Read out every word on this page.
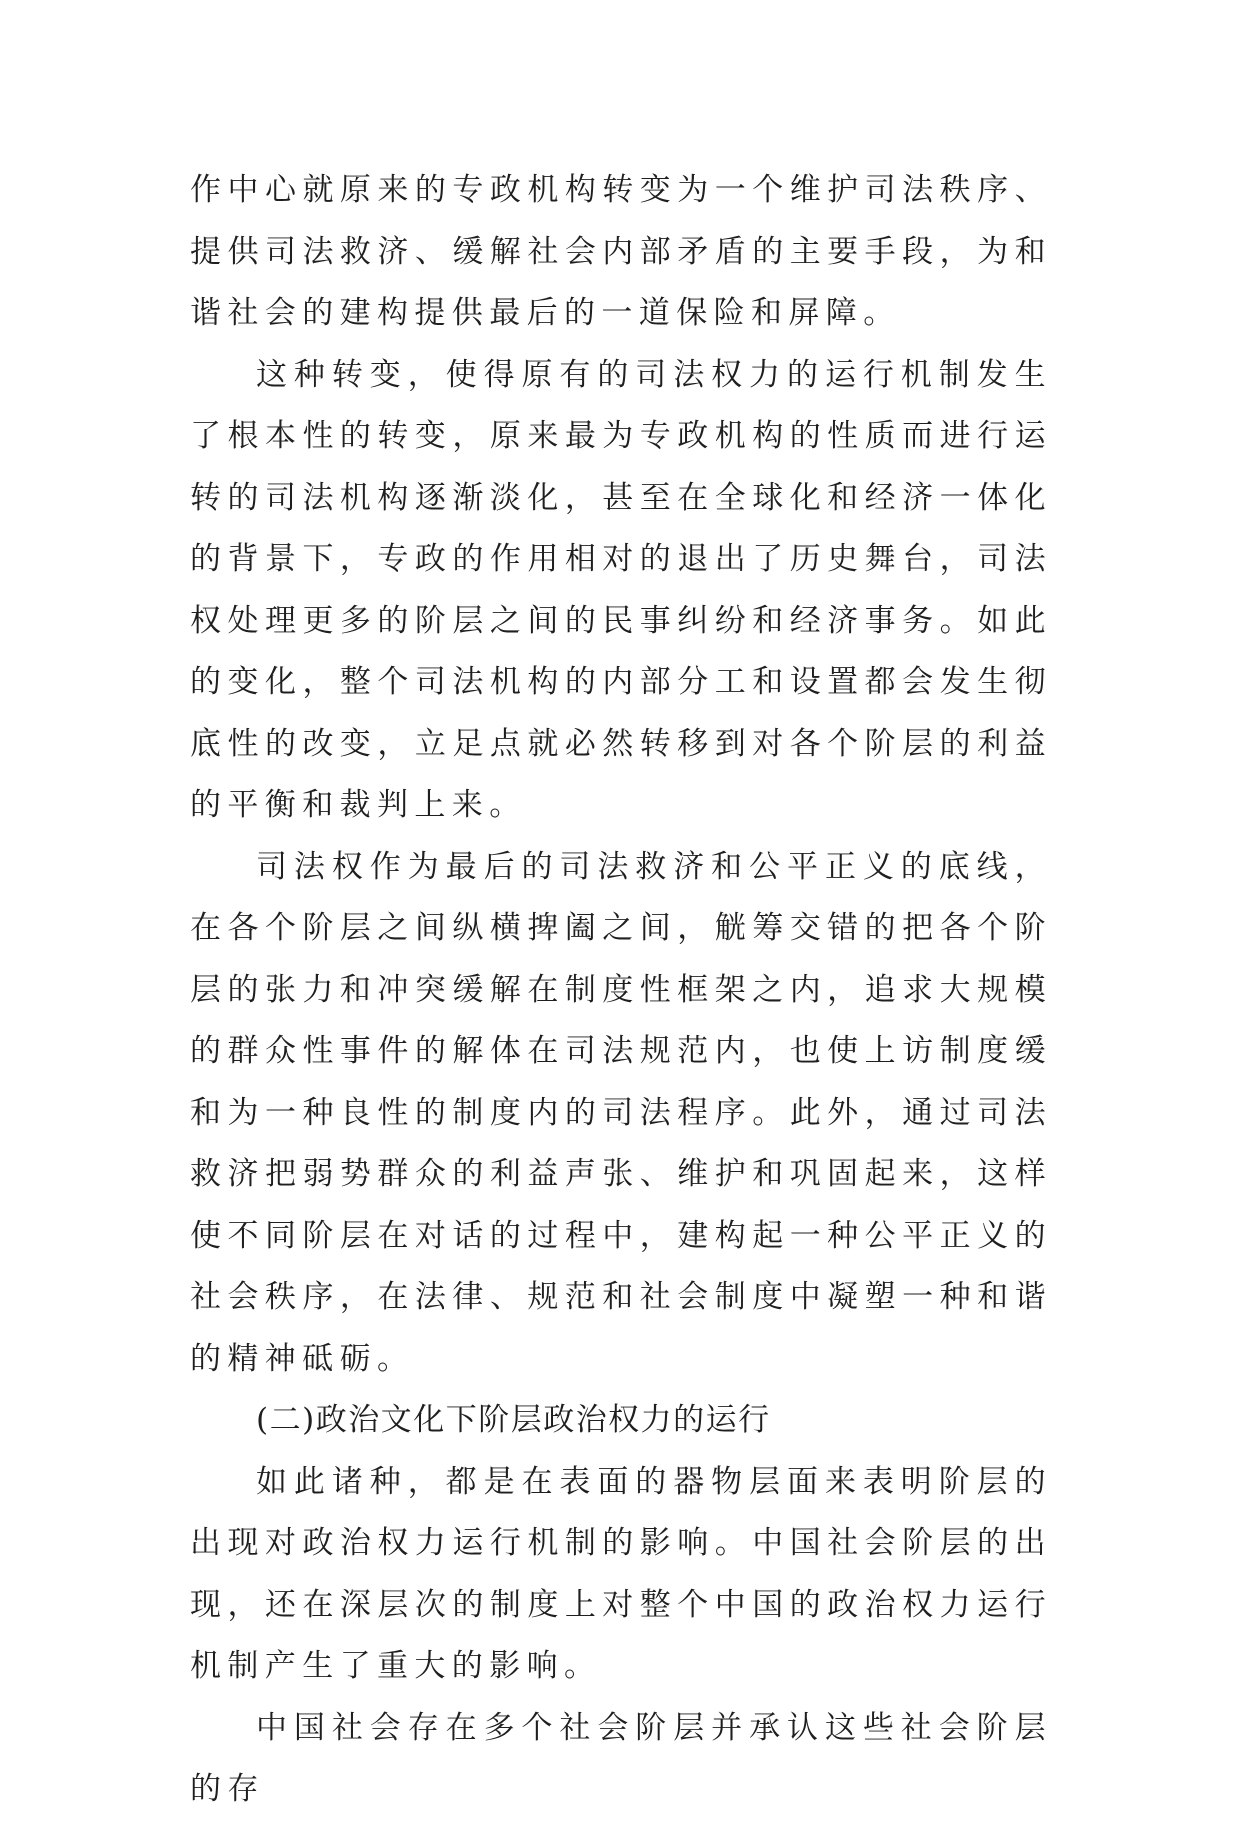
作中心就原来的专政机构转变为一个维护司法秩序、提供司法救济、缓解社会内部矛盾的主要手段，为和谐社会的建构提供最后的一道保险和屏障。

这种转变，使得原有的司法权力的运行机制发生了根本性的转变，原来最为专政机构的性质而进行运转的司法机构逐渐淡化，甚至在全球化和经济一体化的背景下，专政的作用相对的退出了历史舞台，司法权处理更多的阶层之间的民事纠纷和经济事务。如此的变化，整个司法机构的内部分工和设置都会发生彻底性的改变，立足点就必然转移到对各个阶层的利益的平衡和裁判上来。

司法权作为最后的司法救济和公平正义的底线，在各个阶层之间纵横捭阖之间，觥筹交错的把各个阶层的张力和冲突缓解在制度性框架之内，追求大规模的群众性事件的解体在司法规范内，也使上访制度缓和为一种良性的制度内的司法程序。此外，通过司法救济把弱势群众的利益声张、维护和巩固起来，这样使不同阶层在对话的过程中，建构起一种公平正义的社会秩序，在法律、规范和社会制度中凝塑一种和谐的精神砥砺。

(二)政治文化下阶层政治权力的运行

如此诸种，都是在表面的器物层面来表明阶层的出现对政治权力运行机制的影响。中国社会阶层的出现，还在深层次的制度上对整个中国的政治权力运行机制产生了重大的影响。

中国社会存在多个社会阶层并承认这些社会阶层的存
